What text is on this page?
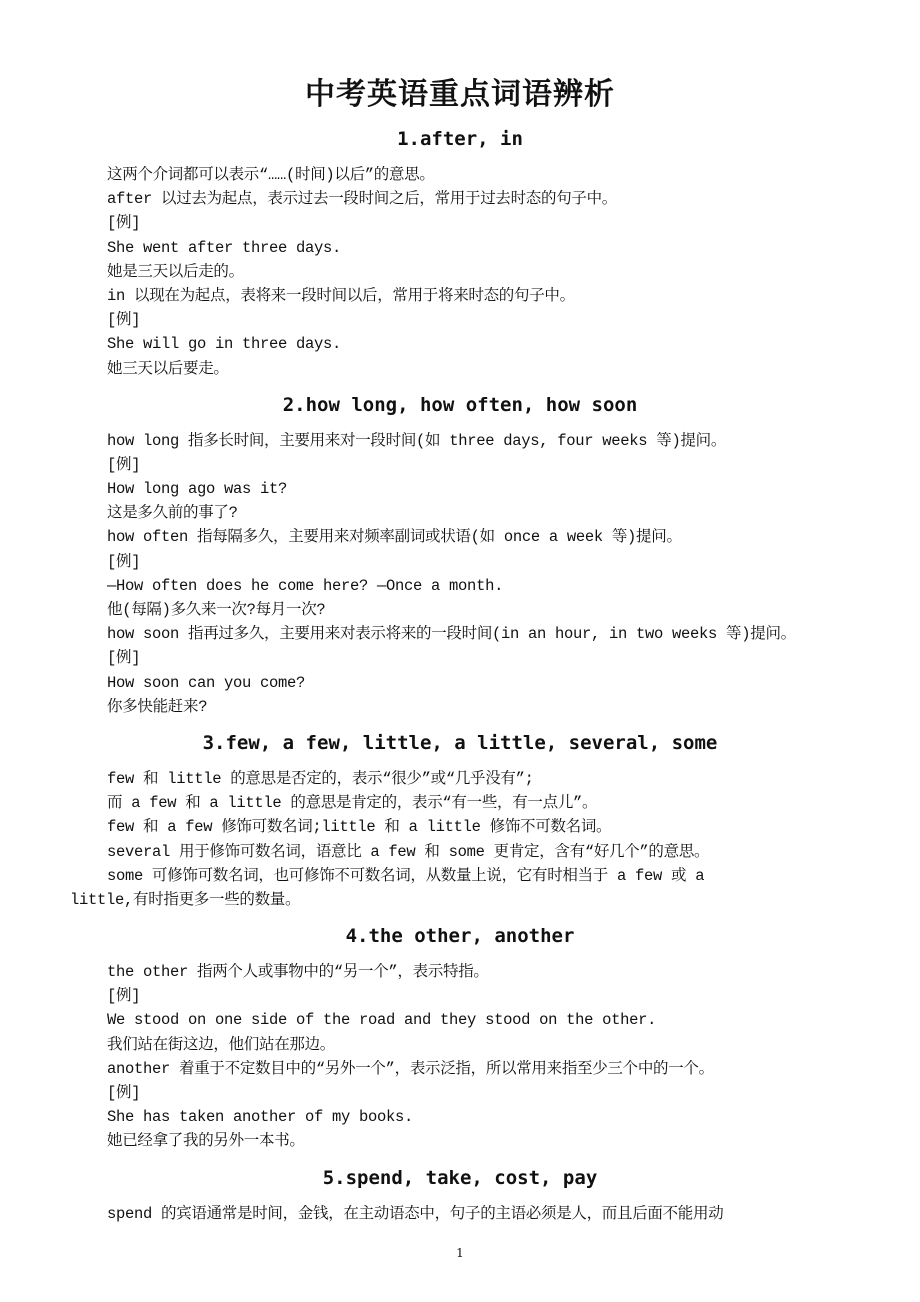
中考英语重点词语辨析
1.after, in
这两个介词都可以表示“……(时间)以后”的意思。
after 以过去为起点，表示过去一段时间之后，常用于过去时态的句子中。
[例]
She went after three days.
她是三天以后走的。
in 以现在为起点，表将来一段时间以后，常用于将来时态的句子中。
[例]
She will go in three days.
她三天以后要走。
2.how long, how often, how soon
how long 指多长时间，主要用来对一段时间(如 three days, four weeks 等)提问。
[例]
How long ago was it?
这是多久前的事了?
how often 指每隔多久，主要用来对频率副词或状语(如 once a week 等)提问。
[例]
—How often does he come here? —Once a month.
他(每隔)多久来一次?每月一次?
how soon 指再过多久，主要用来对表示将来的一段时间(in an hour, in two weeks 等)提问。
[例]
How soon can you come?
你多快能赶来?
3.few, a few, little, a little, several, some
few 和 little 的意思是否定的，表示“很少”或“几乎没有”;
而 a few 和 a little 的意思是肯定的，表示“有一些，有一点儿”。
few 和 a few 修饰可数名词;little 和 a little 修饰不可数名词。
several 用于修饰可数名词，语意比 a few 和 some 更肯定，含有“好几个”的意思。
some 可修饰可数名词，也可修饰不可数名词，从数量上说，它有时相当于 a few 或 a
little,有时指更多一些的数量。
4.the other, another
the other 指两个人或事物中的“另一个”，表示特指。
[例]
We stood on one side of the road and they stood on the other.
我们站在街这边，他们站在那边。
another 着重于不定数目中的“另外一个”，表示泛指，所以常用来指至少三个中的一个。
[例]
She has taken another of my books.
她已经拿了我的另外一本书。
5.spend, take, cost, pay
spend 的宾语通常是时间，金钱，在主动语态中，句子的主语必须是人，而且后面不能用动
1
